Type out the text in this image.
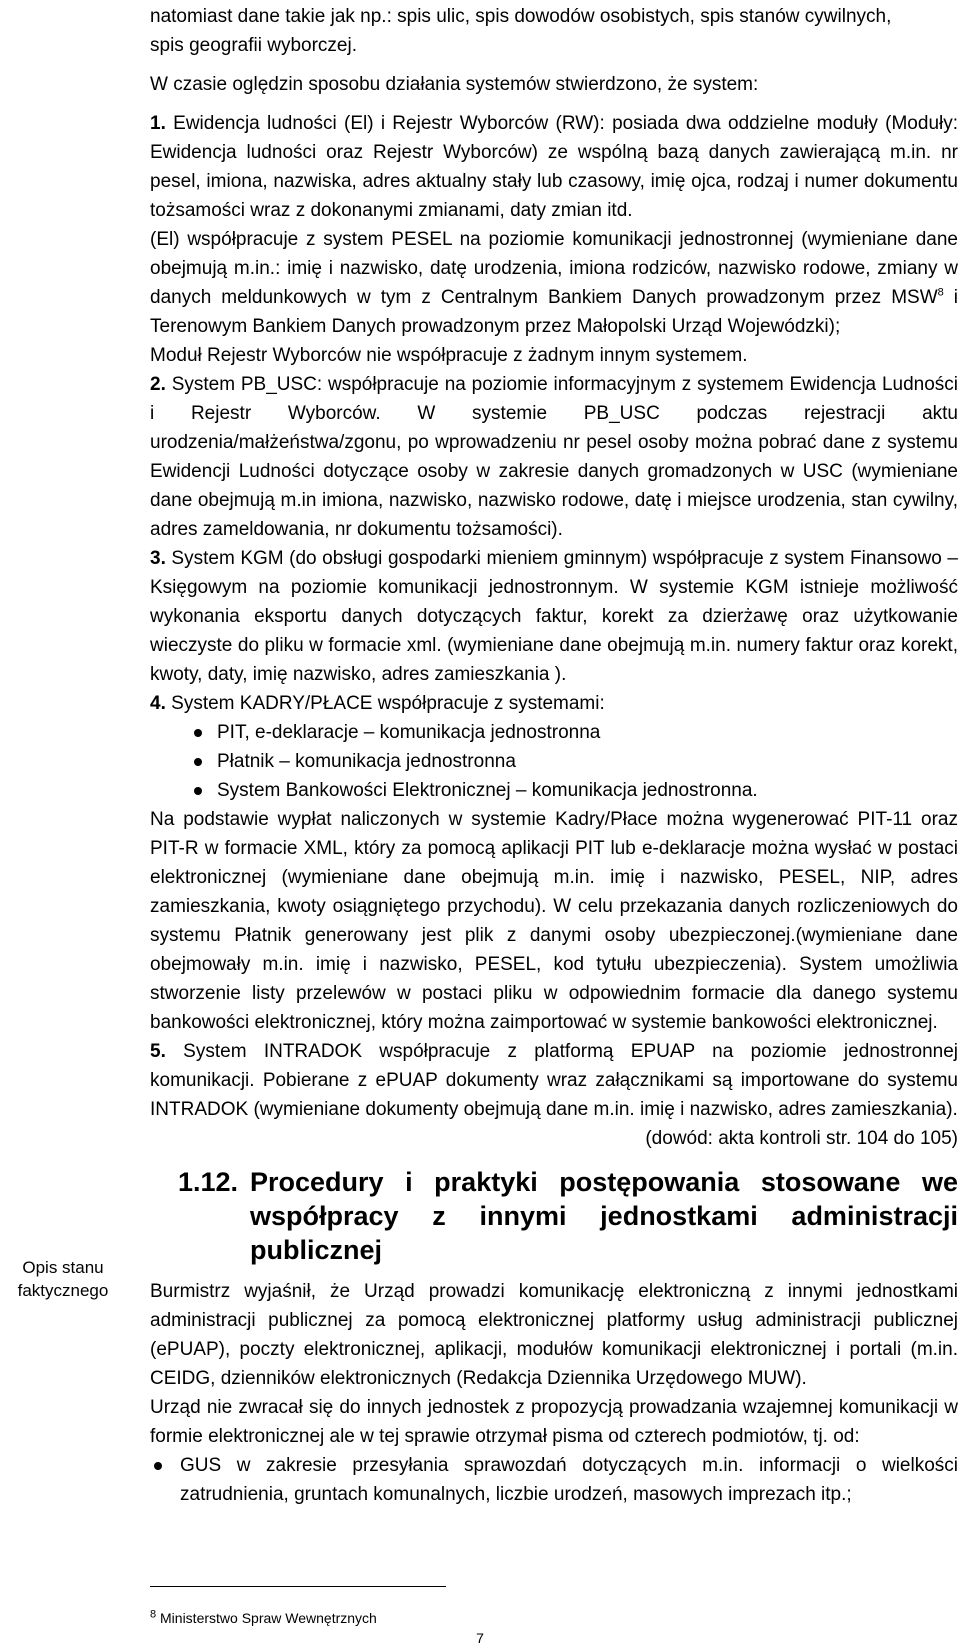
Opis stanu
faktycznego

natomiast dane takie jak np.: spis ulic, spis dowodów osobistych, spis stanów cywilnych,

spis geografii wyborczej.

W czasie oględzin sposobu działania systemów stwierdzono, że system:

1. Ewidencja ludności (El) i Rejestr Wyborców (RW): posiada dwa oddzielne moduły (Moduły: Ewidencja ludności oraz Rejestr Wyborców) ze wspólną bazą danych zawierającą m.in. nr pesel, imiona, nazwiska, adres aktualny stały lub czasowy, imię ojca, rodzaj i numer dokumentu tożsamości wraz z dokonanymi zmianami, daty zmian itd.

(El) współpracuje z system PESEL na poziomie komunikacji jednostronnej (wymieniane dane obejmują m.in.: imię i nazwisko, datę urodzenia, imiona rodziców, nazwisko rodowe, zmiany w danych meldunkowych w tym z Centralnym Bankiem Danych prowadzonym przez MSW$^8$ i Terenowym Bankiem Danych prowadzonym przez Małopolski Urząd Wojewódzki);

Moduł Rejestr Wyborców nie współpracuje z żadnym innym systemem.

2. System PB_USC: współpracuje na poziomie informacyjnym z systemem Ewidencja Ludności i Rejestr Wyborców. W systemie PB_USC podczas rejestracji aktu urodzenia/małżeństwa/zgonu, po wprowadzeniu nr pesel osoby można pobrać dane z systemu Ewidencji Ludności dotyczące osoby w zakresie danych gromadzonych w USC (wymieniane dane obejmują m.in imiona, nazwisko, nazwisko rodowe, datę i miejsce urodzenia, stan cywilny, adres zameldowania, nr dokumentu tożsamości).

3. System KGM (do obsługi gospodarki mieniem gminnym) współpracuje z system Finansowo – Księgowym na poziomie komunikacji jednostronnym. W systemie KGM istnieje możliwość wykonania eksportu danych dotyczących faktur, korekt za dzierżawę oraz użytkowanie wieczyste do pliku w formacie xml. (wymieniane dane obejmują m.in. numery faktur oraz korekt, kwoty, daty, imię nazwisko, adres zamieszkania ).

4. System KADRY/PŁACE współpracuje z systemami:

PIT, e-deklaracje – komunikacja jednostronna
Płatnik – komunikacja jednostronna
System Bankowości Elektronicznej – komunikacja jednostronna.

Na podstawie wypłat naliczonych w systemie Kadry/Płace można wygenerować PIT-11 oraz PIT-R w formacie XML, który za pomocą aplikacji PIT lub e-deklaracje można wysłać w postaci elektronicznej (wymieniane dane obejmują m.in. imię i nazwisko, PESEL, NIP, adres zamieszkania, kwoty osiągniętego przychodu). W celu przekazania danych rozliczeniowych do systemu Płatnik generowany jest plik z danymi osoby ubezpieczonej.(wymieniane dane obejmowały m.in. imię i nazwisko, PESEL, kod tytułu ubezpieczenia). System umożliwia stworzenie listy przelewów w postaci pliku w odpowiednim formacie dla danego systemu bankowości elektronicznej, który można zaimportować w systemie bankowości elektronicznej.

5. System INTRADOK współpracuje z platformą EPUAP na poziomie jednostronnej komunikacji. Pobierane z ePUAP dokumenty wraz załącznikami są importowane do systemu INTRADOK (wymieniane dokumenty obejmują dane m.in. imię i nazwisko, adres zamieszkania).

(dowód: akta kontroli str. 104 do 105)

1.12. Procedury i praktyki postępowania stosowane we
współpracy z innymi jednostkami administracji publicznej

Burmistrz wyjaśnił, że Urząd prowadzi komunikację elektroniczną z innymi jednostkami administracji publicznej za pomocą elektronicznej platformy usług administracji publicznej (ePUAP), poczty elektronicznej, aplikacji, modułów komunikacji elektronicznej i portali (m.in. CEIDG, dzienników elektronicznych (Redakcja Dziennika Urzędowego MUW).

Urząd nie zwracał się do innych jednostek z propozycją prowadzania wzajemnej komunikacji w formie elektronicznej ale w tej sprawie otrzymał pisma od czterech podmiotów, tj. od:

GUS w zakresie przesyłania sprawozdań dotyczących m.in. informacji o wielkości zatrudnienia, gruntach komunalnych, liczbie urodzeń, masowych imprezach itp.;
$^8$ Ministerstwo Spraw Wewnętrznych
7
